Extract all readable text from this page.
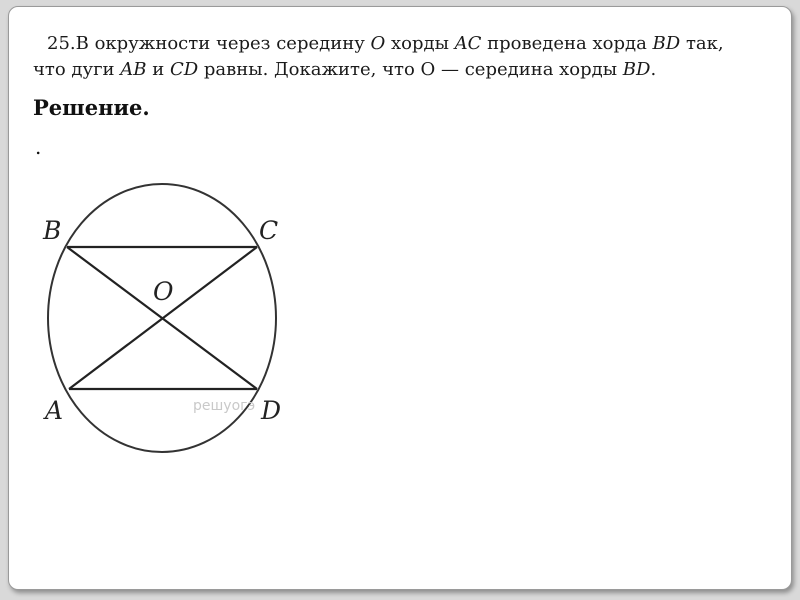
25.В окружности через середину O хорды AC проведена хорда BD так, что дуги AB и CD равны. Докажите, что О — середина хорды BD.

Решение.

.
решуогэ
B	C
O
A	D
